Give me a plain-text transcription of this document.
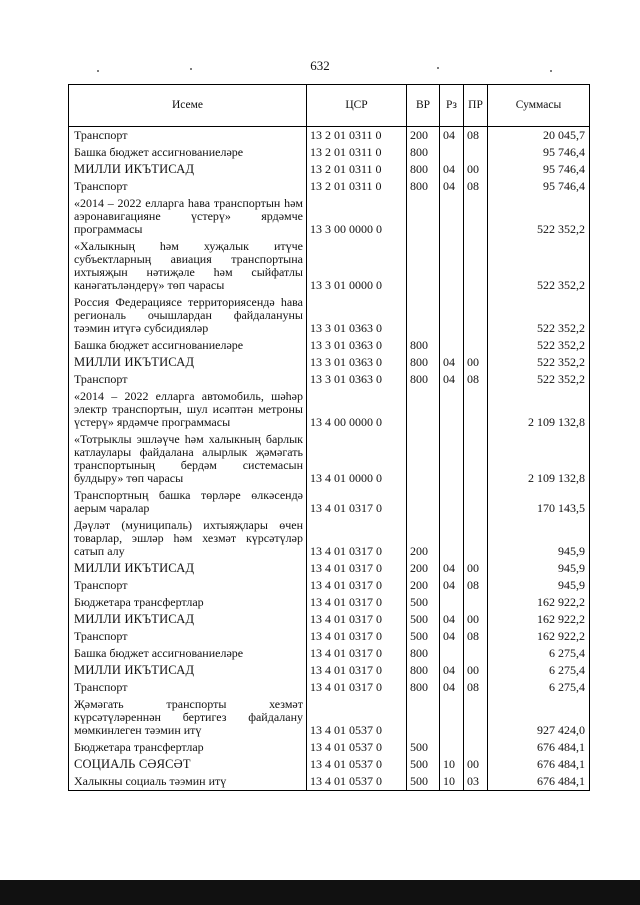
632
Исеме	ЦСР	ВР	Рз	ПР	Суммасы
Транспорт	13 2 01 0311 0	200	04	08	20 045,7
Башка бюджет ассигнованиеләре	13 2 01 0311 0	800			95 746,4
МИЛЛИ ИКЪТИСАД	13 2 01 0311 0	800	04	00	95 746,4
Транспорт	13 2 01 0311 0	800	04	08	95 746,4
«2014 – 2022 елларга һава транспортын һәм аэронавигацияне үстерү» ярдәмче программасы	13 3 00 0000 0				522 352,2
«Халыкның һәм хуҗалык итүче субъектларның авиация транспортына ихтыяҗын нәтиҗәле һәм сыйфатлы канәгатьләндерү» төп чарасы	13 3 01 0000 0				522 352,2
Россия Федерациясе территориясендә һава региональ очышлардан файдалануны тәэмин итүгә субсидияләр	13 3 01 0363 0				522 352,2
Башка бюджет ассигнованиеләре	13 3 01 0363 0	800			522 352,2
МИЛЛИ ИКЪТИСАД	13 3 01 0363 0	800	04	00	522 352,2
Транспорт	13 3 01 0363 0	800	04	08	522 352,2
«2014 – 2022 елларга автомобиль, шәһәр электр транспортын, шул исәптән метроны үстерү» ярдәмче программасы	13 4 00 0000 0				2 109 132,8
«Тотрыклы эшләүче һәм халыкның барлык катлаулары файдалана алырлык җәмәгать транспортының бердәм системасын булдыру» төп чарасы	13 4 01 0000 0				2 109 132,8
Транспортның башка төрләре өлкәсендә аерым чаралар	13 4 01 0317 0				170 143,5
Дәүләт (муниципаль) ихтыяҗлары өчен товарлар, эшләр һәм хезмәт күрсәтүләр сатып алу	13 4 01 0317 0	200			945,9
МИЛЛИ ИКЪТИСАД	13 4 01 0317 0	200	04	00	945,9
Транспорт	13 4 01 0317 0	200	04	08	945,9
Бюджетара трансфертлар	13 4 01 0317 0	500			162 922,2
МИЛЛИ ИКЪТИСАД	13 4 01 0317 0	500	04	00	162 922,2
Транспорт	13 4 01 0317 0	500	04	08	162 922,2
Башка бюджет ассигнованиеләре	13 4 01 0317 0	800			6 275,4
МИЛЛИ ИКЪТИСАД	13 4 01 0317 0	800	04	00	6 275,4
Транспорт	13 4 01 0317 0	800	04	08	6 275,4
Җәмәгать транспорты хезмәт күрсәтүләреннән бертигез файдалану мөмкинлеген тәэмин итү	13 4 01 0537 0				927 424,0
Бюджетара трансфертлар	13 4 01 0537 0	500			676 484,1
СОЦИАЛЬ СӘЯСӘТ	13 4 01 0537 0	500	10	00	676 484,1
Халыкны социаль тәэмин итү	13 4 01 0537 0	500	10	03	676 484,1
